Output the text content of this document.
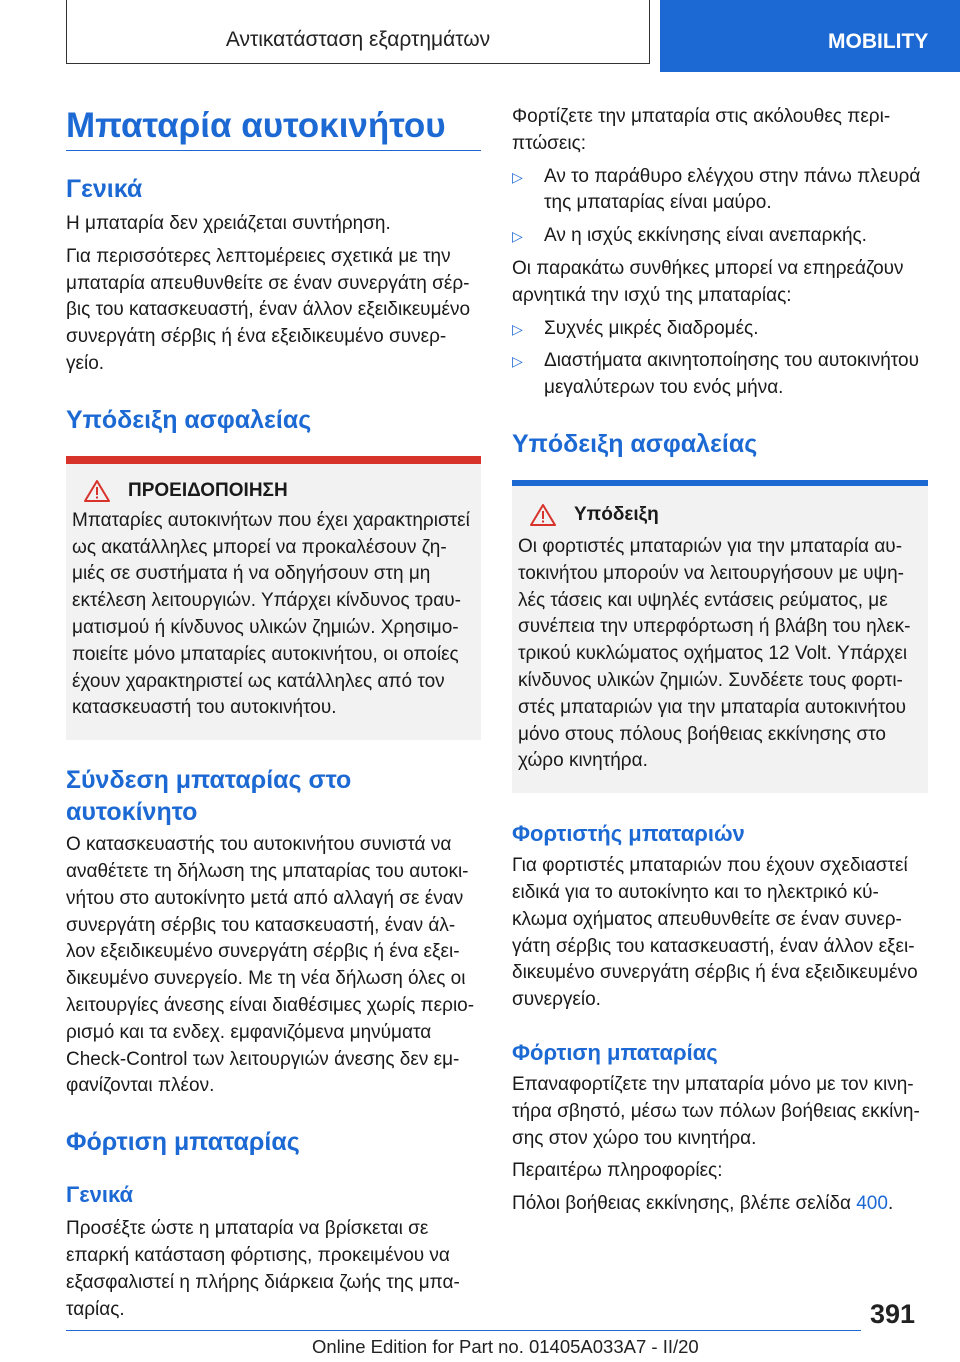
Αντικατάσταση εξαρτημάτων	MOBILITY
Μπαταρία αυτοκινήτου
Γενικά

Η μπαταρία δεν χρειάζεται συντήρηση.

Για περισσότερες λεπτομέρειες σχετικά με την μπαταρία απευθυνθείτε σε έναν συνεργάτη σέρ- βις του κατασκευαστή, έναν άλλον εξειδικευμένο συνεργάτη σέρβις ή ένα εξειδικευμένο συνερ- γείο.

Υπόδειξη ασφαλείας
ΠΡΟΕΙΔΟΠΟΙΗΣΗ

Μπαταρίες αυτοκινήτων που έχει χαρακτηριστεί ως ακατάλληλες μπορεί να προκαλέσουν ζη- μιές σε συστήματα ή να οδηγήσουν στη μη εκτέλεση λειτουργιών. Υπάρχει κίνδυνος τραυ- ματισμού ή κίνδυνος υλικών ζημιών. Χρησιμο- ποιείτε μόνο μπαταρίες αυτοκινήτου, οι οποίες έχουν χαρακτηριστεί ως κατάλληλες από τον κατασκευαστή του αυτοκινήτου.

Σύνδεση μπαταρίας στο αυτοκίνητο

Ο κατασκευαστής του αυτοκινήτου συνιστά να αναθέτετε τη δήλωση της μπαταρίας του αυτοκι- νήτου στο αυτοκίνητο μετά από αλλαγή σε έναν συνεργάτη σέρβις του κατασκευαστή, έναν άλ- λον εξειδικευμένο συνεργάτη σέρβις ή ένα εξει- δικευμένο συνεργείο. Με τη νέα δήλωση όλες οι λειτουργίες άνεσης είναι διαθέσιμες χωρίς περιο- ρισμό και τα ενδεχ. εμφανιζόμενα μηνύματα Check-Control των λειτουργιών άνεσης δεν εμ- φανίζονται πλέον.

Φόρτιση μπαταρίας
Γενικά

Προσέξτε ώστε η μπαταρία να βρίσκεται σε επαρκή κατάσταση φόρτισης, προκειμένου να εξασφαλιστεί η πλήρης διάρκεια ζωής της μπα- ταρίας.

Φορτίζετε την μπαταρία στις ακόλουθες περι- πτώσεις:

▷	Αν το παράθυρο ελέγχου στην πάνω πλευρά της μπαταρίας είναι μαύρο.
▷	Αν η ισχύς εκκίνησης είναι ανεπαρκής.

Οι παρακάτω συνθήκες μπορεί να επηρεάζουν αρνητικά την ισχύ της μπαταρίας:

▷	Συχνές μικρές διαδρομές.
▷	Διαστήματα ακινητοποίησης του αυτοκινήτου μεγαλύτερων του ενός μήνα.
Υπόδειξη ασφαλείας
Υπόδειξη

Οι φορτιστές μπαταριών για την μπαταρία αυ- τοκινήτου μπορούν να λειτουργήσουν με υψη- λές τάσεις και υψηλές εντάσεις ρεύματος, με συνέπεια την υπερφόρτωση ή βλάβη του ηλεκ- τρικού κυκλώματος οχήματος 12 Volt. Υπάρχει κίνδυνος υλικών ζημιών. Συνδέετε τους φορτι- στές μπαταριών για την μπαταρία αυτοκινήτου μόνο στους πόλους βοήθειας εκκίνησης στο χώρο κινητήρα.

Φορτιστής μπαταριών

Για φορτιστές μπαταριών που έχουν σχεδιαστεί ειδικά για το αυτοκίνητο και το ηλεκτρικό κύ- κλωμα οχήματος απευθυνθείτε σε έναν συνερ- γάτη σέρβις του κατασκευαστή, έναν άλλον εξει- δικευμένο συνεργάτη σέρβις ή ένα εξειδικευμένο συνεργείο.

Φόρτιση μπαταρίας

Επαναφορτίζετε την μπαταρία μόνο με τον κινη- τήρα σβηστό, μέσω των πόλων βοήθειας εκκίνη- σης στον χώρο του κινητήρα.

Περαιτέρω πληροφορίες:

Πόλοι βοήθειας εκκίνησης, βλέπε σελίδα 400.

391
Online Edition for Part no. 01405A033A7 - II/20
